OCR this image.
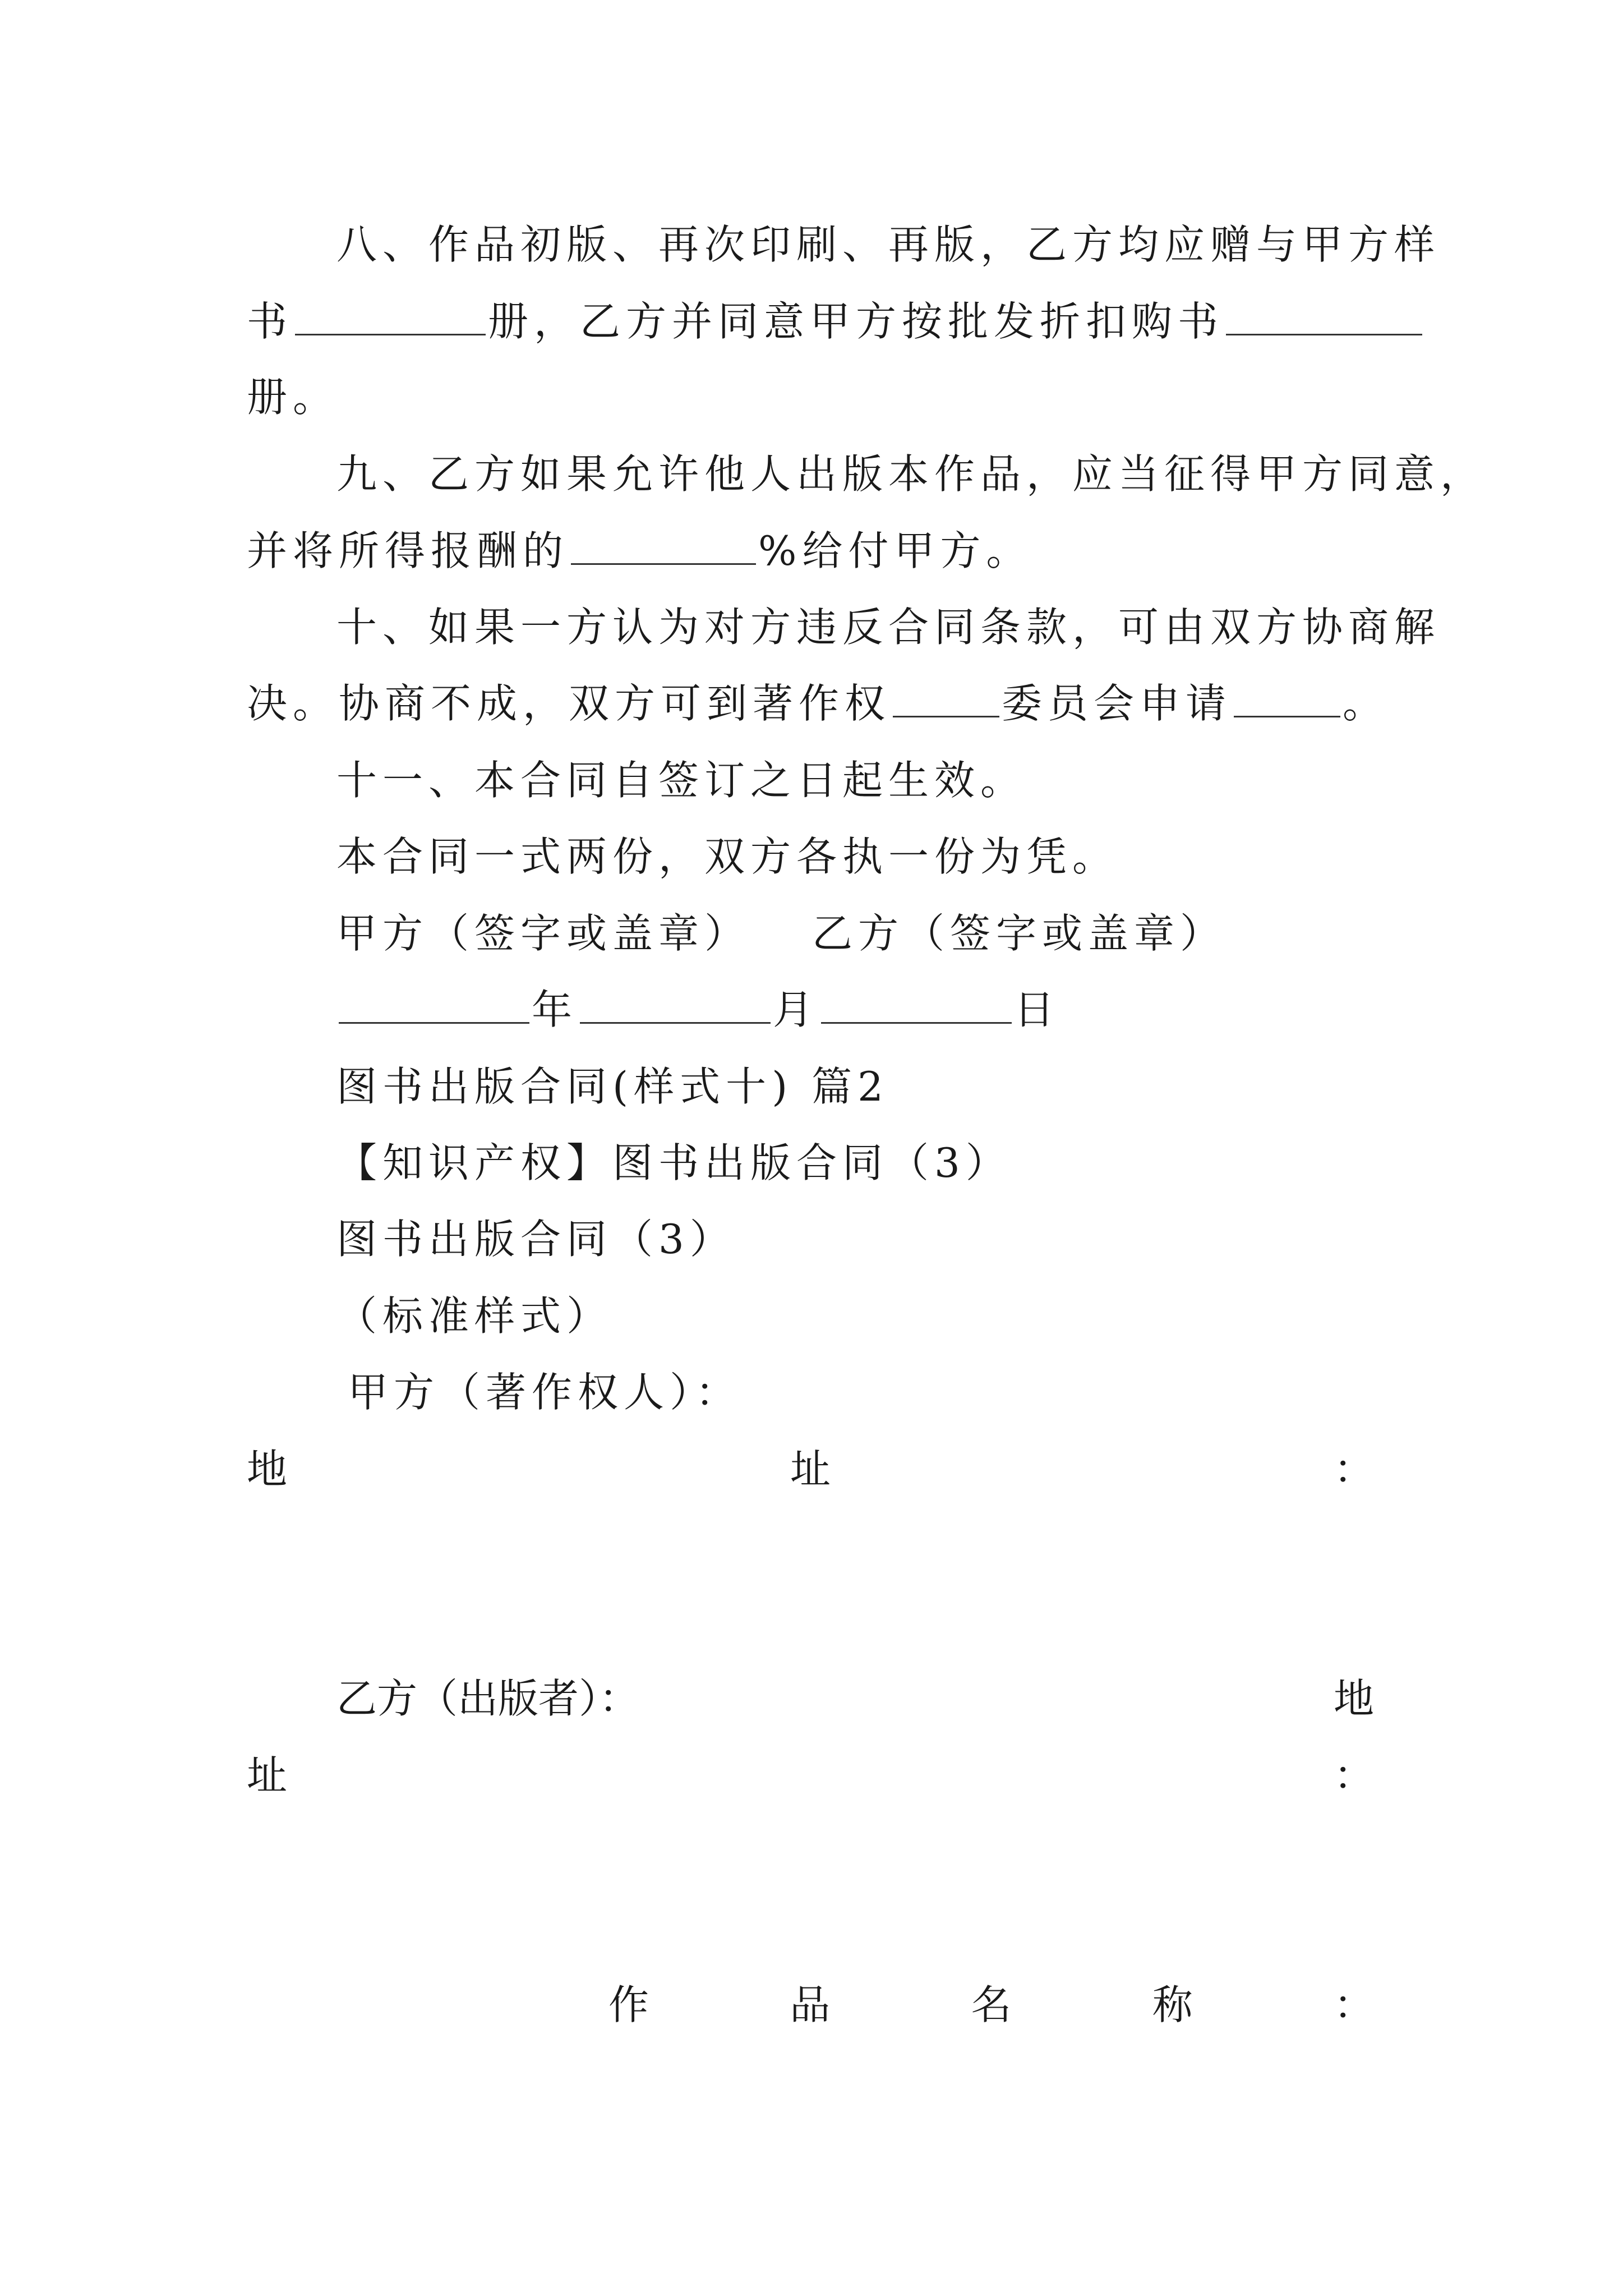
八、作品初版、再次印刷、再版，乙方均应赠与甲方样
书	册，乙方并同意甲方按批发折扣购书
册。
九、乙方如果允许他人出版本作品，应当征得甲方同意，
并将所得报酬的	%给付甲方。
十、如果一方认为对方违反合同条款，可由双方协商解
决。协商不成，双方可到著作权	委员会申请	。
十一、本合同自签订之日起生效。
本合同一式两份，双方各执一份为凭。
甲方（签字或盖章） 乙方（签字或盖章）
年	月	日
图书出版合同(样式十) 篇2
【知识产权】图书出版合同（3）
图书出版合同（3）
（标准样式）
甲方（著作权人）：
地	址	：
乙方（出版者）：	地
址	：
作	品	名	称	：
